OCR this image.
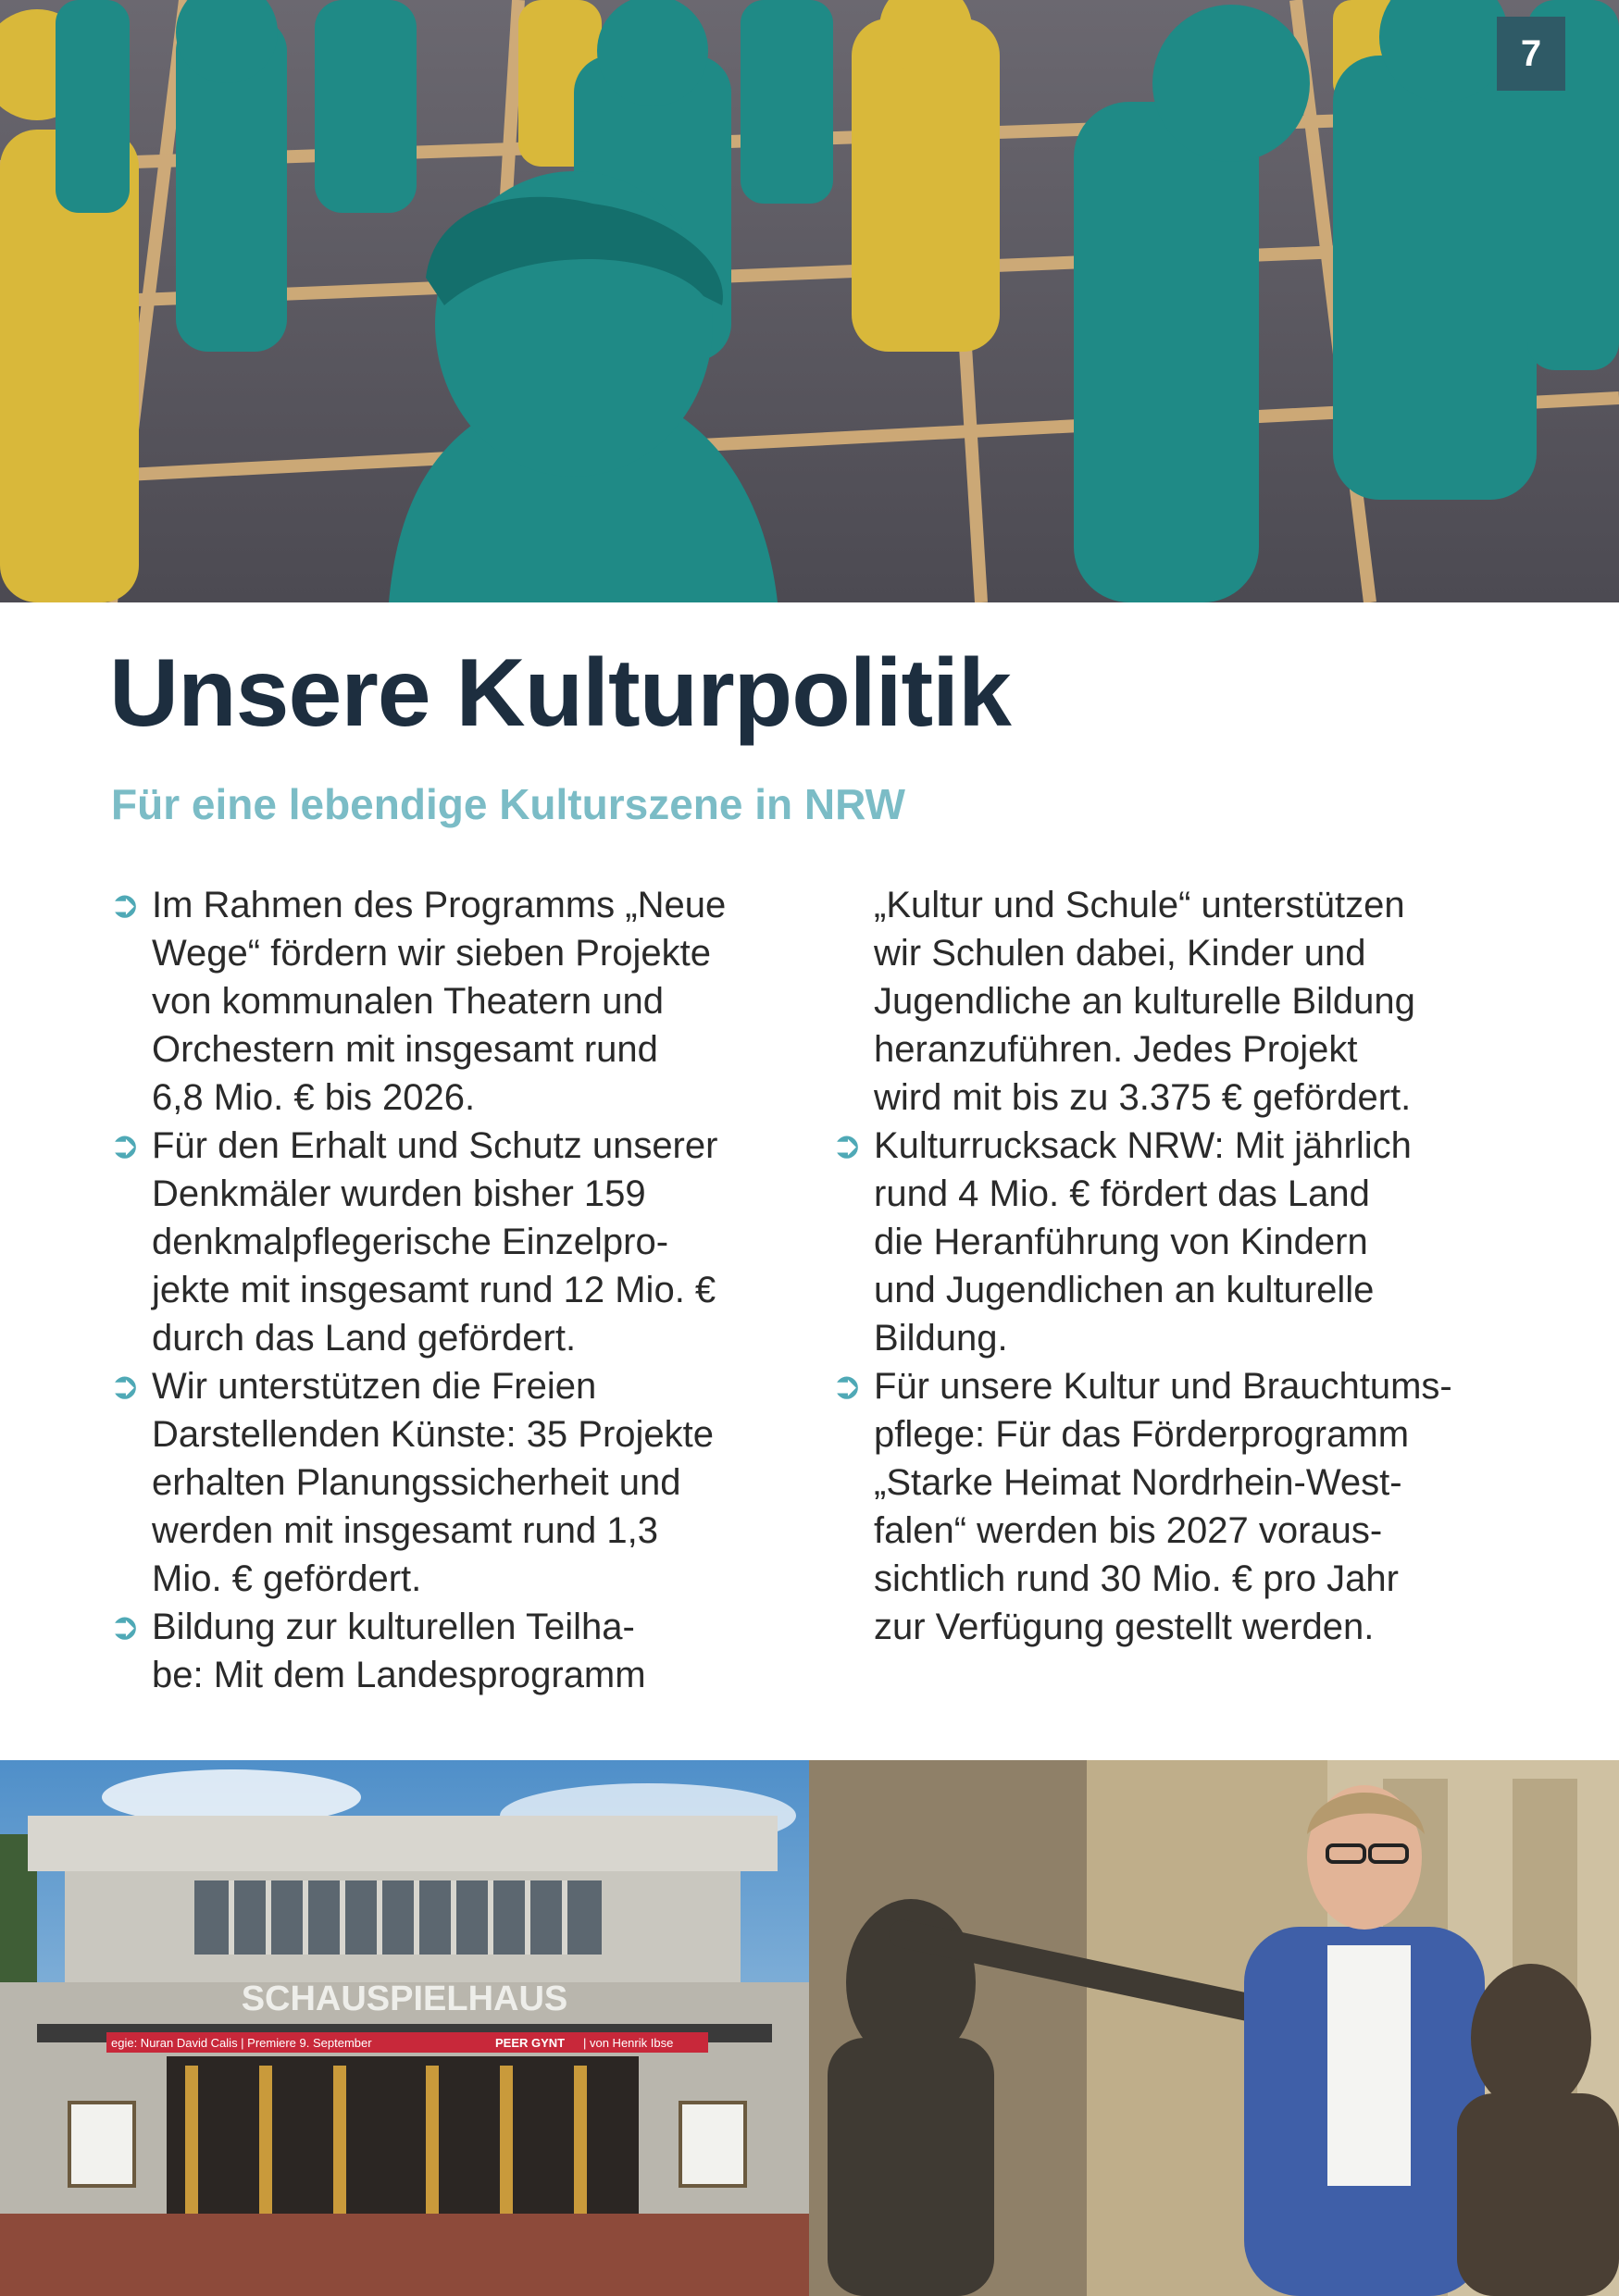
7
Unsere Kulturpolitik
Für eine lebendige Kulturszene in NRW
➲ Im Rahmen des Programms „Neue
Wege“ fördern wir sieben Projekte
von kommunalen Theatern und
Orchestern mit insgesamt rund
6,8 Mio. € bis 2026.
➲ Für den Erhalt und Schutz unserer
Denkmäler wurden bisher 159
denkmalpflegerische Einzelpro-
jekte mit insgesamt rund 12 Mio. €
durch das Land gefördert.
➲ Wir unterstützen die Freien
Darstellenden Künste: 35 Projekte
erhalten Planungssicherheit und
werden mit insgesamt rund 1,3
Mio. € gefördert.
➲ Bildung zur kulturellen Teilha-
be: Mit dem Landesprogramm
„Kultur und Schule“ unterstützen
wir Schulen dabei, Kinder und
Jugendliche an kulturelle Bildung
heranzuführen. Jedes Projekt
wird mit bis zu 3.375 € gefördert.
➲ Kulturrucksack NRW: Mit jährlich
rund 4 Mio. € fördert das Land
die Heranführung von Kindern
und Jugendlichen an kulturelle
Bildung.
➲ Für unsere Kultur und Brauchtums-
pflege: Für das Förderprogramm
„Starke Heimat Nordrhein-West-
falen“ werden bis 2027 voraus-
sichtlich rund 30 Mio. € pro Jahr
zur Verfügung gestellt werden.
SCHAUSPIELHAUS
egie: Nuran David Calis | Premiere 9. September	PEER GYNT | von Henrik Ibse
